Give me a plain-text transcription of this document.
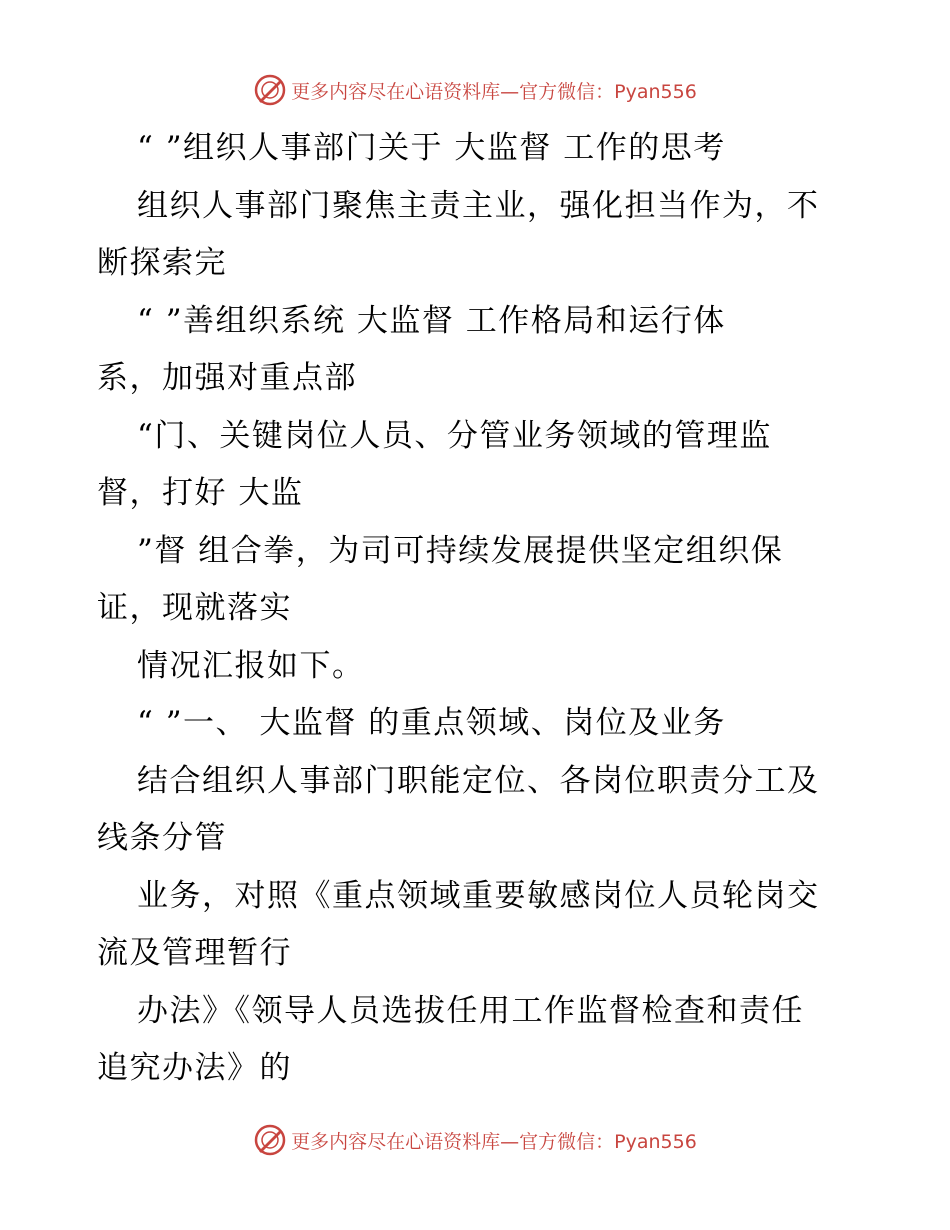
更多内容尽在心语资料库—官方微信：Pyan556
“ ”组织人事部门关于 大监督 工作的思考
组织人事部门聚焦主责主业，强化担当作为，不
断探索完
“ ”善组织系统 大监督 工作格局和运行体
系，加强对重点部
“门、关键岗位人员、分管业务领域的管理监
督，打好 大监
”督 组合拳，为司可持续发展提供坚定组织保
证，现就落实
情况汇报如下。
“ ”一、 大监督 的重点领域、岗位及业务
结合组织人事部门职能定位、各岗位职责分工及
线条分管
业务，对照《重点领域重要敏感岗位人员轮岗交
流及管理暂行
办法》《领导人员选拔任用工作监督检查和责任
追究办法》的
更多内容尽在心语资料库—官方微信：Pyan556
